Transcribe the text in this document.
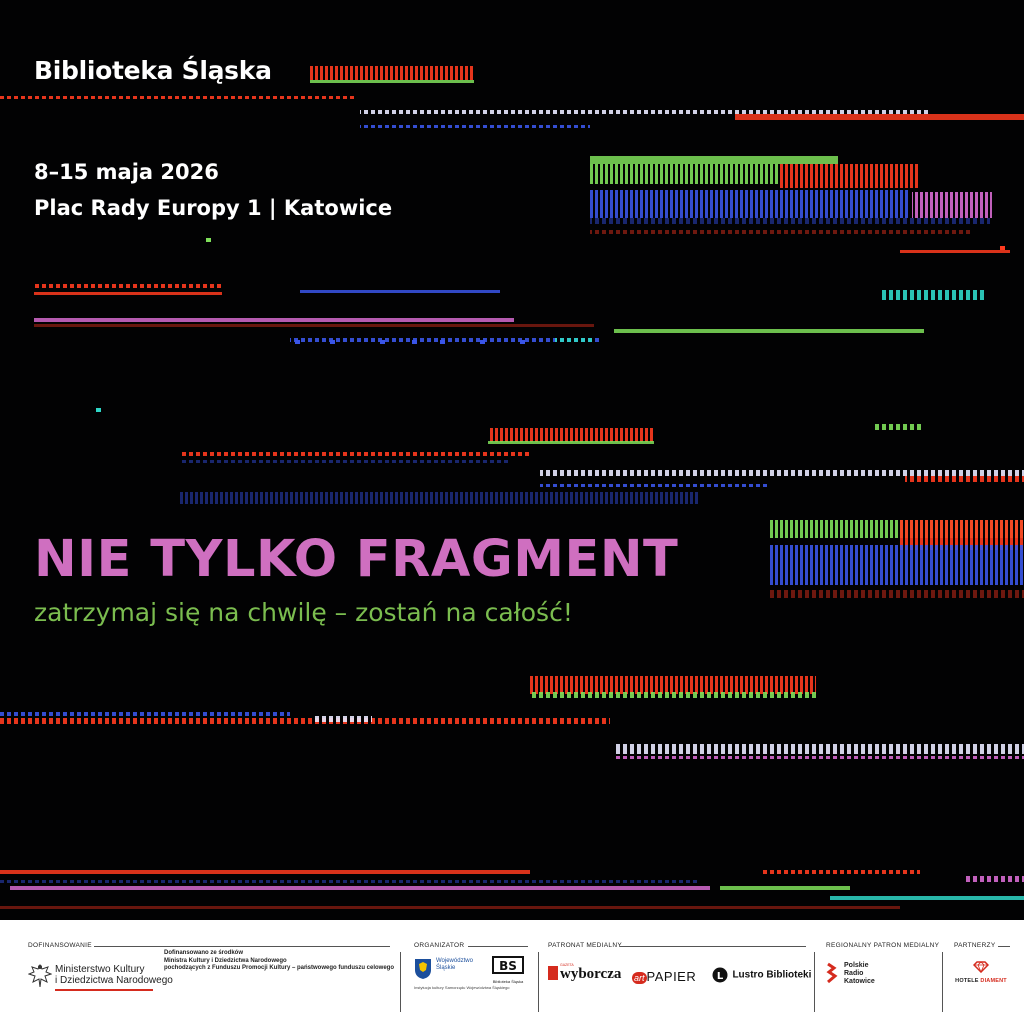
Biblioteka Śląska
8–15 maja 2026
Plac Rady Europy 1 | Katowice
NIE TYLKO FRAGMENT
zatrzymaj się na chwilę – zostań na całość!
DOFINANSOWANIE
Ministerstwo Kultury
i Dziedzictwa Narodowego
Dofinansowano ze środków
Ministra Kultury i Dziedzictwa Narodowego
pochodzących z Funduszu Promocji Kultury – państwowego funduszu celowego
ORGANIZATOR
Województwo
Śląskie	BS
Biblioteka Śląska
Instytucja kultury Samorządu Województwa Śląskiego
PATRONAT MEDIALNY
GAZETA
wyborcza art PAPIER L Lustro Biblioteki
REGIONALNY PATRON MEDIALNY
Polskie
Radio
Katowice
PARTNERZY
HOTELE DIAMENT
